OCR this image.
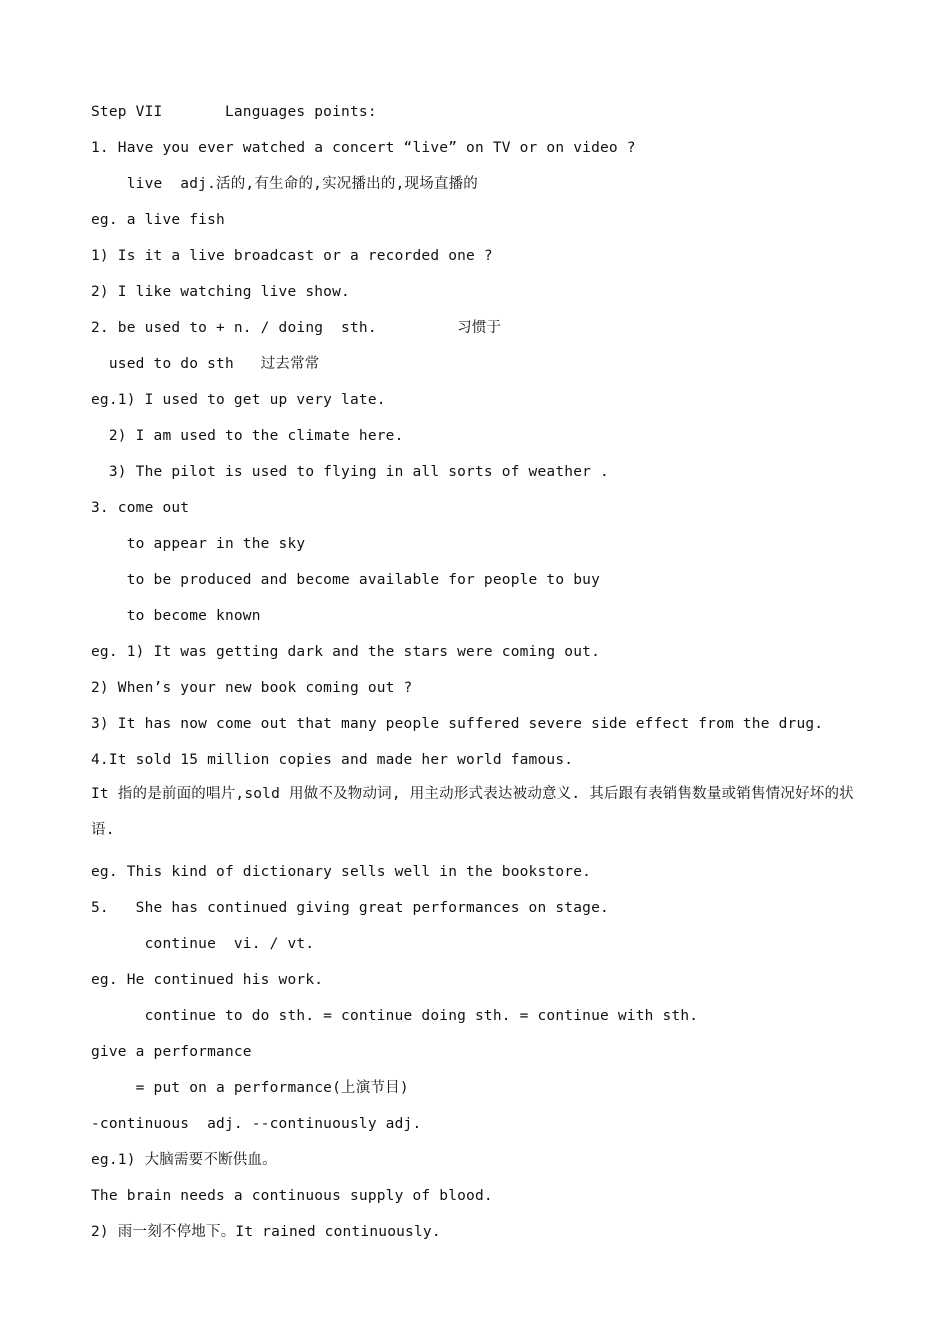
Step VII       Languages points:
1. Have you ever watched a concert “live” on TV or on video ?
live  adj.活的,有生命的,实况播出的,现场直播的
eg. a live fish
1) Is it a live broadcast or a recorded one ?
2) I like watching live show.
2. be used to + n. / doing  sth.         习惯于
used to do sth   过去常常
eg.1) I used to get up very late.
2) I am used to the climate here.
3) The pilot is used to flying in all sorts of weather .
3. come out
to appear in the sky
to be produced and become available for people to buy
to become known
eg. 1) It was getting dark and the stars were coming out.
2) When’s your new book coming out ?
3) It has now come out that many people suffered severe side effect from the drug.
4.It sold 15 million copies and made her world famous.
It 指的是前面的唱片,sold 用做不及物动词, 用主动形式表达被动意义. 其后跟有表销售数量或销售情况好坏的状语.
eg. This kind of dictionary sells well in the bookstore.
5.   She has continued giving great performances on stage.
continue  vi. / vt.
eg. He continued his work.
continue to do sth. = continue doing sth. = continue with sth.
give a performance
= put on a performance(上演节目)
-continuous  adj. --continuously adj.
eg.1) 大脑需要不断供血。
The brain needs a continuous supply of blood.
2) 雨一刻不停地下。It rained continuously.
